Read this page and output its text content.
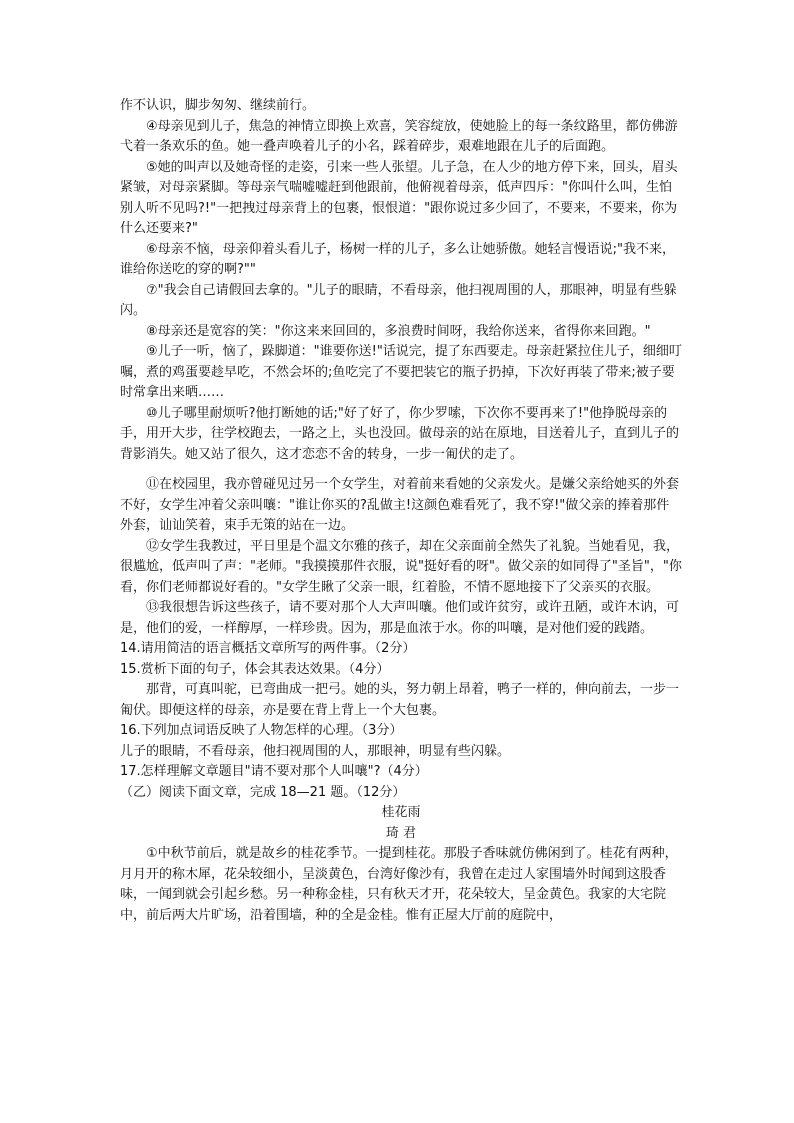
作不认识，脚步匆匆、继续前行。

④母亲见到儿子，焦急的神情立即换上欢喜，笑容绽放，使她脸上的每一条纹路里，都仿佛游弋着一条欢乐的鱼。她一叠声唤着儿子的小名，踩着碎步，艰难地跟在儿子的后面跑。

⑤她的叫声以及她奇怪的走姿，引来一些人张望。儿子急，在人少的地方停下来，回头，眉头紧皱，对母亲紧脚。等母亲气喘嘘嘘赶到他跟前，他俯视着母亲，低声四斥："你叫什么叫，生怕别人听不见吗?!"一把拽过母亲背上的包裹，恨恨道："跟你说过多少回了，不要来，不要来，你为什么还要来?"

⑥母亲不恼，母亲仰着头看儿子，杨树一样的儿子，多么让她骄傲。她轻言慢语说;"我不来，谁给你送吃的穿的啊?""

⑦"我会自己请假回去拿的。"儿子的眼睛，不看母亲，他扫视周围的人，那眼神，明显有些躲闪。

⑧母亲还是宽容的笑："你这来来回回的，多浪费时间呀，我给你送来，省得你来回跑。"

⑨儿子一听，恼了，跺脚道："谁要你送!"话说完，提了东西要走。母亲赶紧拉住儿子，细细叮嘱，煮的鸡蛋要趁早吃，不然会坏的;鱼吃完了不要把装它的瓶子扔掉，下次好再装了带来;被子要时常拿出来晒……

⑩儿子哪里耐烦听?他打断她的话;"好了好了，你少罗嗦，下次你不要再来了!"他挣脱母亲的手，用开大步，往学校跑去，一路之上，头也没回。做母亲的站在原地，目送着儿子，直到儿子的背影消失。她又站了很久，这才恋恋不舍的转身，一步一匍伏的走了。

⑪在校园里，我亦曾碰见过另一个女学生，对着前来看她的父亲发火。是嫌父亲给她买的外套不好，女学生冲着父亲叫嚷："谁让你买的?乱做主!这颜色难看死了，我不穿!"做父亲的捧着那件外套，讪讪笑着，束手无策的站在一边。

⑫女学生我教过，平日里是个温文尔雅的孩子，却在父亲面前全然失了礼貌。当她看见，我，很尴尬，低声叫了声："老师。"我摸摸那件衣服，说"挺好看的呀"。做父亲的如同得了"圣旨"，"你看，你们老师都说好看的。"女学生瞅了父亲一眼，红着脸，不情不愿地接下了父亲买的衣服。

⑬我很想告诉这些孩子，请不要对那个人大声叫嚷。他们或许贫穷，或许丑陋，或许木讷，可是，他们的爱，一样醇厚，一样珍贵。因为，那是血浓于水。你的叫嚷，是对他们爱的践踏。

14.请用简洁的语言概括文章所写的两件事。（2分）

15.赏析下面的句子，体会其表达效果。（4分）

那背，可真叫驼，已弯曲成一把弓。她的头，努力朝上昂着，鸭子一样的，伸向前去，一步一匍伏。即便这样的母亲，亦是要在背上背上一个大包裹。

16.下列加点词语反映了人物怎样的心理。（3分）

儿子的眼睛，不看母亲，他扫视周围的人，那眼神，明显有些闪躲。

17.怎样理解文章题目"请不要对那个人叫嚷"?（4分）

（乙）阅读下面文章，完成 18—21 题。（12分）

桂花雨

琦 君

①中秋节前后，就是故乡的桂花季节。一提到桂花。那股子香味就仿佛闲到了。桂花有两种，月月开的称木犀，花朵较细小，呈淡黄色，台湾好像沙有，我曾在走过人家围墙外时闻到这股香味，一闻到就会引起乡愁。另一种称金桂，只有秋天才开，花朵较大，呈金黄色。我家的大宅院中，前后两大片旷场，沿着围墙，种的全是金桂。惟有正屋大厅前的庭院中，
